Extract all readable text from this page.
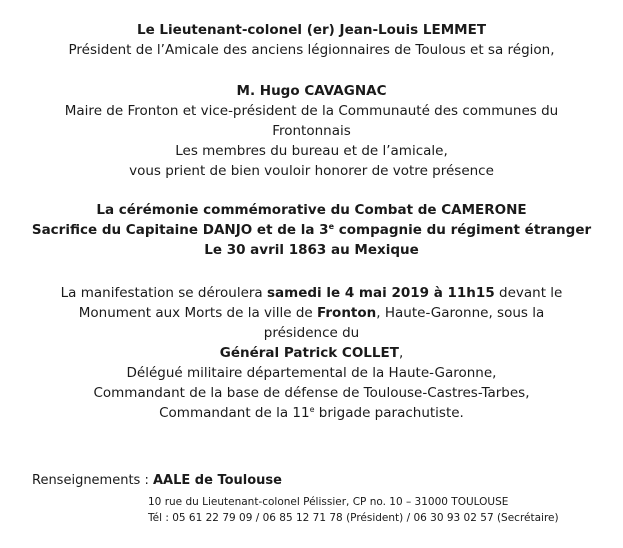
Le Lieutenant-colonel (er) Jean-Louis LEMMET
Président de l’Amicale des anciens légionnaires de Toulous et sa région,
M. Hugo CAVAGNAC
Maire de Fronton et vice-président de la Communauté des communes du
Frontonnais
Les membres du bureau et de l’amicale,
vous prient de bien vouloir honorer de votre présence
La cérémonie commémorative du Combat de CAMERONE
Sacrifice du Capitaine DANJO et de la 3e compagnie du régiment étranger
Le 30 avril 1863 au Mexique
La manifestation se déroulera samedi le 4 mai 2019 à 11h15 devant le
Monument aux Morts de la ville de Fronton, Haute-Garonne, sous la
présidence du
Général Patrick COLLET,
Délégué militaire départemental de la Haute-Garonne,
Commandant de la base de défense de Toulouse-Castres-Tarbes,
Commandant de la 11e brigade parachutiste.
Renseignements : AALE de Toulouse
10 rue du Lieutenant-colonel Pélissier, CP no. 10 – 31000 TOULOUSE
Tél : 05 61 22 79 09 / 06 85 12 71 78 (Président) / 06 30 93 02 57 (Secrétaire)
